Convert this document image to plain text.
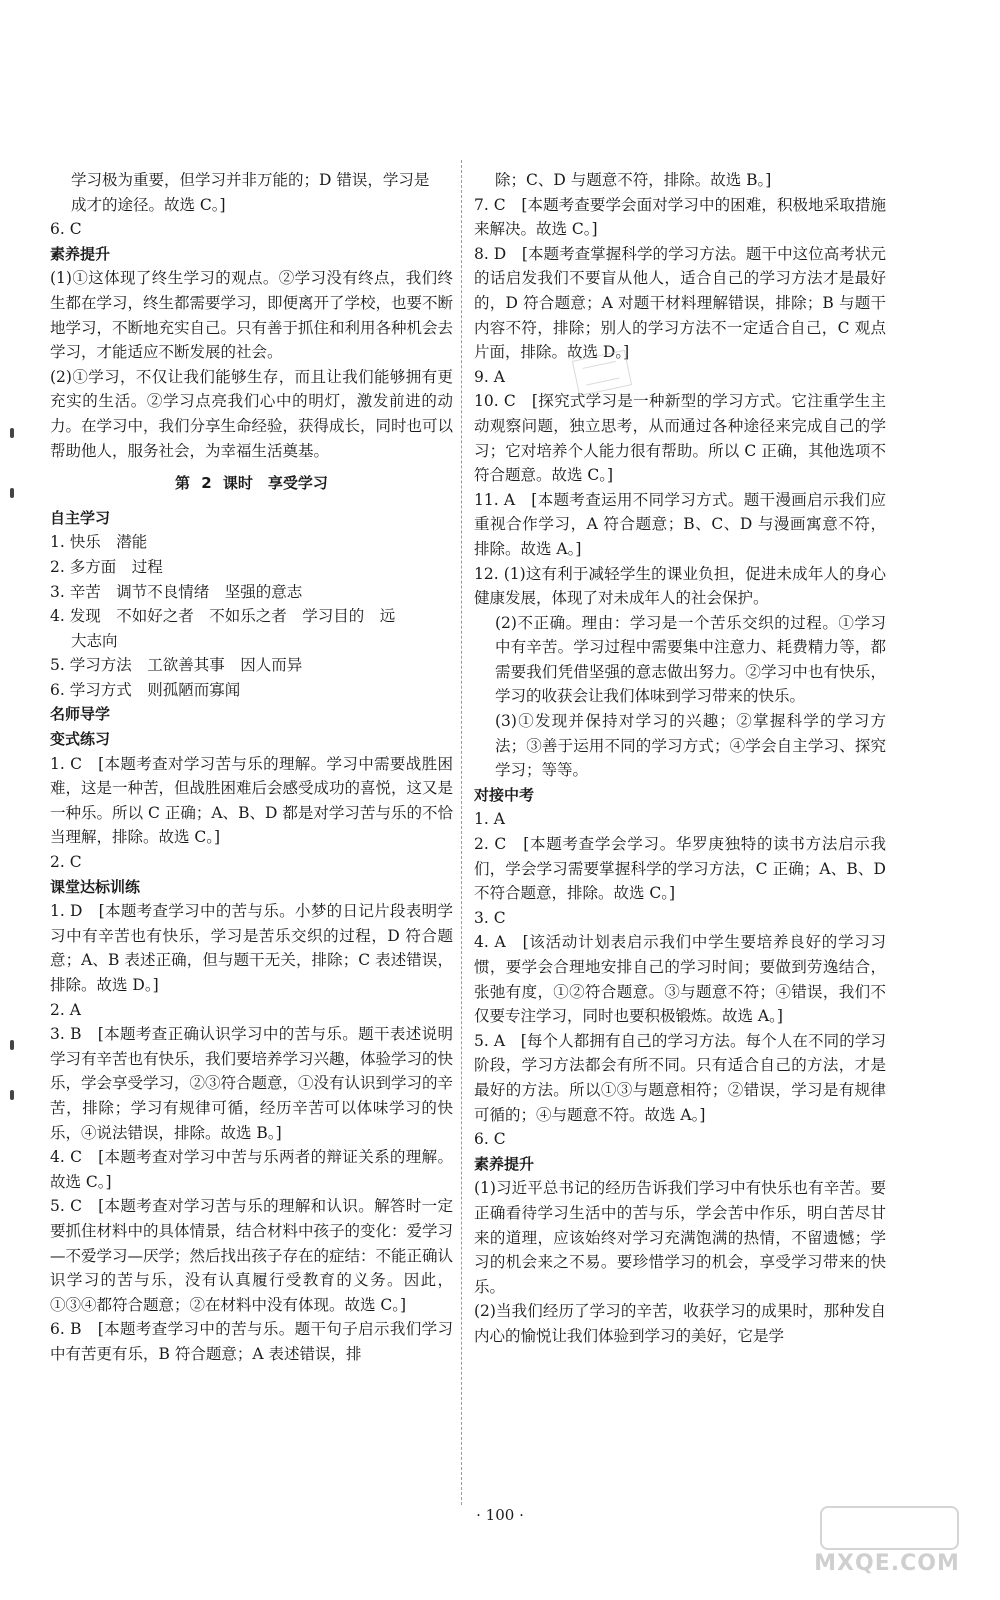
学习极为重要，但学习并非万能的；D 错误，学习是

成才的途径。故选 C。]

6. C

素养提升

(1)①这体现了终生学习的观点。②学习没有终点，我们终生都在学习，终生都需要学习，即便离开了学校，也要不断地学习，不断地充实自己。只有善于抓住和利用各种机会去学习，才能适应不断发展的社会。

(2)①学习，不仅让我们能够生存，而且让我们能够拥有更充实的生活。②学习点亮我们心中的明灯，激发前进的动力。在学习中，我们分享生命经验，获得成长，同时也可以帮助他人，服务社会，为幸福生活奠基。

第 2 课时　享受学习

自主学习

1. 快乐　潜能

2. 多方面　过程

3. 辛苦　调节不良情绪　坚强的意志

4. 发现　不如好之者　不如乐之者　学习目的　远

大志向

5. 学习方法　工欲善其事　因人而异

6. 学习方式　则孤陋而寡闻

名师导学

变式练习

1. C　[本题考查对学习苦与乐的理解。学习中需要战胜困难，这是一种苦，但战胜困难后会感受成功的喜悦，这又是一种乐。所以 C 正确；A、B、D 都是对学习苦与乐的不恰当理解，排除。故选 C。]

2. C

课堂达标训练

1. D　[本题考查学习中的苦与乐。小梦的日记片段表明学习中有辛苦也有快乐，学习是苦乐交织的过程，D 符合题意；A、B 表述正确，但与题干无关，排除；C 表述错误，排除。故选 D。]

2. A

3. B　[本题考查正确认识学习中的苦与乐。题干表述说明学习有辛苦也有快乐，我们要培养学习兴趣，体验学习的快乐，学会享受学习，②③符合题意，①没有认识到学习的辛苦，排除；学习有规律可循，经历辛苦可以体味学习的快乐，④说法错误，排除。故选 B。]

4. C　[本题考查对学习中苦与乐两者的辩证关系的理解。故选 C。]

5. C　[本题考查对学习苦与乐的理解和认识。解答时一定要抓住材料中的具体情景，结合材料中孩子的变化：爱学习—不爱学习—厌学；然后找出孩子存在的症结：不能正确认识学习的苦与乐，没有认真履行受教育的义务。因此，①③④都符合题意；②在材料中没有体现。故选 C。]

6. B　[本题考查学习中的苦与乐。题干句子启示我们学习中有苦更有乐，B 符合题意；A 表述错误，排

除；C、D 与题意不符，排除。故选 B。]

7. C　[本题考查要学会面对学习中的困难，积极地采取措施来解决。故选 C。]

8. D　[本题考查掌握科学的学习方法。题干中这位高考状元的话启发我们不要盲从他人，适合自己的学习方法才是最好的，D 符合题意；A 对题干材料理解错误，排除；B 与题干内容不符，排除；别人的学习方法不一定适合自己，C 观点片面，排除。故选 D。]

9. A

10. C　[探究式学习是一种新型的学习方式。它注重学生主动观察问题，独立思考，从而通过各种途径来完成自己的学习；它对培养个人能力很有帮助。所以 C 正确，其他选项不符合题意。故选 C。]

11. A　[本题考查运用不同学习方式。题干漫画启示我们应重视合作学习，A 符合题意；B、C、D 与漫画寓意不符，排除。故选 A。]

12. (1)这有利于减轻学生的课业负担，促进未成年人的身心健康发展，体现了对未成年人的社会保护。

(2)不正确。理由：学习是一个苦乐交织的过程。①学习中有辛苦。学习过程中需要集中注意力、耗费精力等，都需要我们凭借坚强的意志做出努力。②学习中也有快乐，学习的收获会让我们体味到学习带来的快乐。

(3)①发现并保持对学习的兴趣；②掌握科学的学习方法；③善于运用不同的学习方式；④学会自主学习、探究学习；等等。

对接中考

1. A

2. C　[本题考查学会学习。华罗庚独特的读书方法启示我们，学会学习需要掌握科学的学习方法，C 正确；A、B、D 不符合题意，排除。故选 C。]

3. C

4. A　[该活动计划表启示我们中学生要培养良好的学习习惯，要学会合理地安排自己的学习时间；要做到劳逸结合，张弛有度，①②符合题意。③与题意不符；④错误，我们不仅要专注学习，同时也要积极锻炼。故选 A。]

5. A　[每个人都拥有自己的学习方法。每个人在不同的学习阶段，学习方法都会有所不同。只有适合自己的方法，才是最好的方法。所以①③与题意相符；②错误，学习是有规律可循的；④与题意不符。故选 A。]

6. C

素养提升

(1)习近平总书记的经历告诉我们学习中有快乐也有辛苦。要正确看待学习生活中的苦与乐，学会苦中作乐，明白苦尽甘来的道理，应该始终对学习充满饱满的热情，不留遗憾；学习的机会来之不易。要珍惜学习的机会，享受学习带来的快乐。

(2)当我们经历了学习的辛苦，收获学习的成果时，那种发自内心的愉悦让我们体验到学习的美好，它是学

· 100 ·
MXQE.COM
